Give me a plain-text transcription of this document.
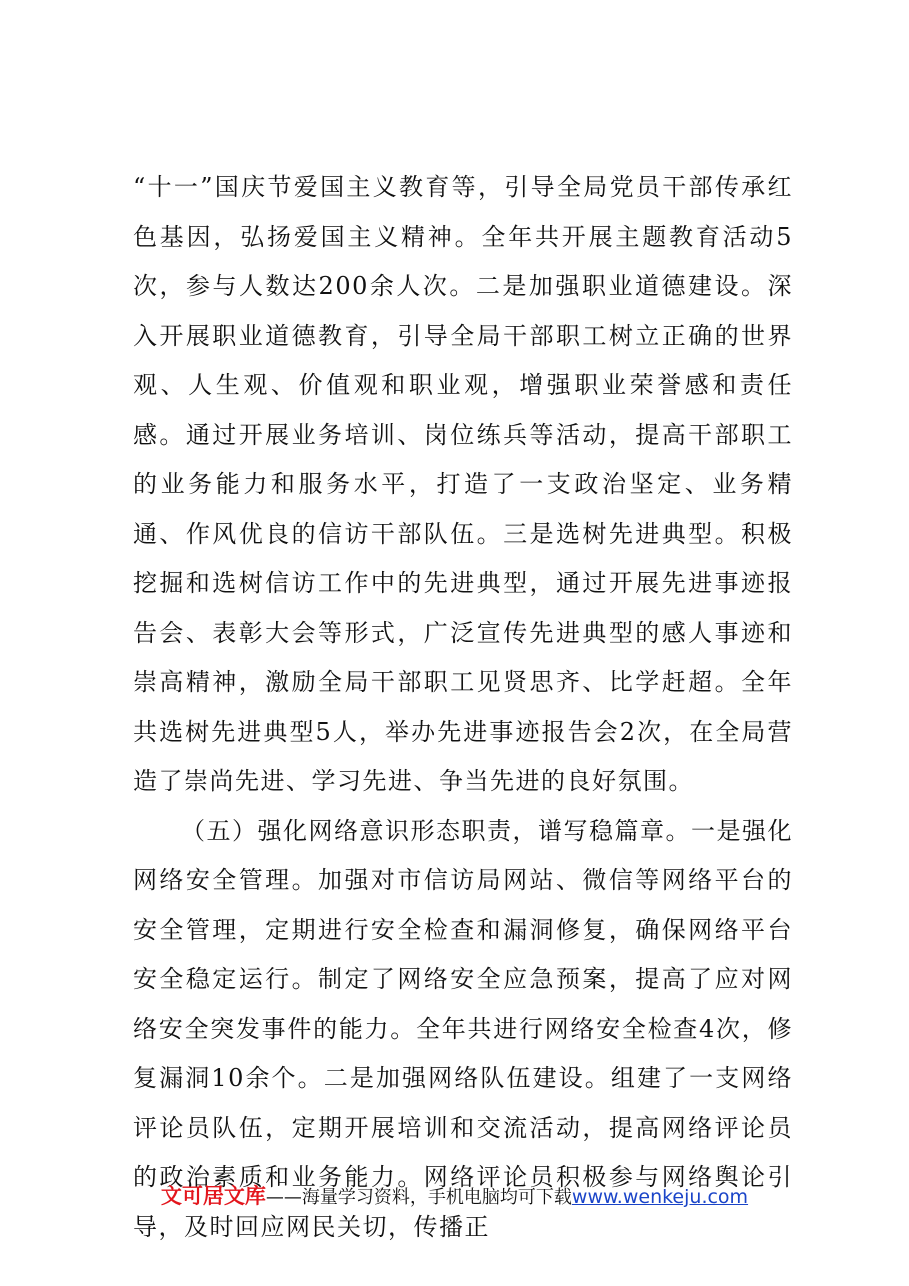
“十一”国庆节爱国主义教育等，引导全局党员干部传承红色基因，弘扬爱国主义精神。全年共开展主题教育活动5次，参与人数达200余人次。二是加强职业道德建设。深入开展职业道德教育，引导全局干部职工树立正确的世界观、人生观、价值观和职业观，增强职业荣誉感和责任感。通过开展业务培训、岗位练兵等活动，提高干部职工的业务能力和服务水平，打造了一支政治坚定、业务精通、作风优良的信访干部队伍。三是选树先进典型。积极挖掘和选树信访工作中的先进典型，通过开展先进事迹报告会、表彰大会等形式，广泛宣传先进典型的感人事迹和崇高精神，激励全局干部职工见贤思齐、比学赶超。全年共选树先进典型5人，举办先进事迹报告会2次，在全局营造了崇尚先进、学习先进、争当先进的良好氛围。

（五）强化网络意识形态职责，谱写稳篇章。一是强化网络安全管理。加强对市信访局网站、微信等网络平台的安全管理，定期进行安全检查和漏洞修复，确保网络平台安全稳定运行。制定了网络安全应急预案，提高了应对网络安全突发事件的能力。全年共进行网络安全检查4次，修复漏洞10余个。二是加强网络队伍建设。组建了一支网络评论员队伍，定期开展培训和交流活动，提高网络评论员的政治素质和业务能力。网络评论员积极参与网络舆论引导，及时回应网民关切，传播正

文可居文库——海量学习资料，手机电脑均可下载www.wenkeju.com
